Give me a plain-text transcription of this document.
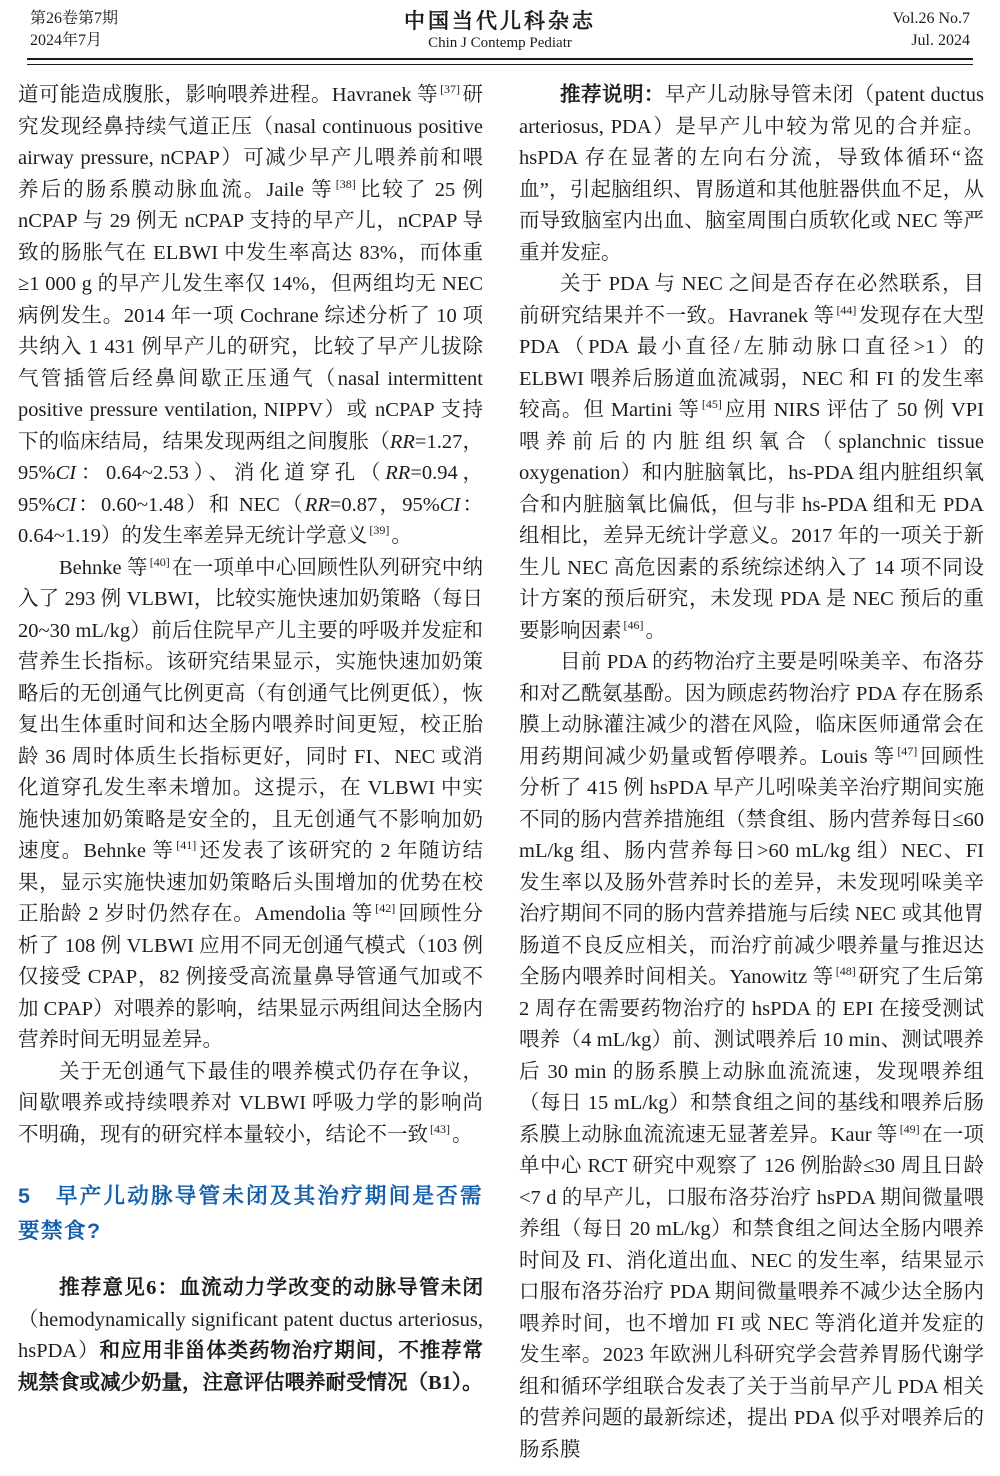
第26卷第7期
2024年7月
中国当代儿科杂志
Chin J Contemp Pediatr
Vol.26 No.7
Jul. 2024

道可能造成腹胀，影响喂养进程。Havranek 等 [37]研究发现经鼻持续气道正压（nasal continuous positive airway pressure, nCPAP）可减少早产儿喂养前和喂养后的肠系膜动脉血流。Jaile 等 [38]比较了 25 例 nCPAP 与 29 例无 nCPAP 支持的早产儿，nCPAP 导致的肠胀气在 ELBWI 中发生率高达 83%，而体重≥1 000 g 的早产儿发生率仅 14%，但两组均无 NEC 病例发生。2014 年一项 Cochrane 综述分析了 10 项共纳入 1 431 例早产儿的研究，比较了早产儿拔除气管插管后经鼻间歇正压通气（nasal intermittent positive pressure ventilation, NIPPV）或 nCPAP 支持下的临床结局，结果发现两组之间腹胀（RR=1.27，95%CI：0.64~2.53）、消化道穿孔（RR=0.94，95%CI：0.60~1.48）和 NEC（RR=0.87，95%CI：0.64~1.19）的发生率差异无统计学意义 [39]。

Behnke 等 [40]在一项单中心回顾性队列研究中纳入了 293 例 VLBWI，比较实施快速加奶策略（每日 20~30 mL/kg）前后住院早产儿主要的呼吸并发症和营养生长指标。该研究结果显示，实施快速加奶策略后的无创通气比例更高（有创通气比例更低），恢复出生体重时间和达全肠内喂养时间更短，校正胎龄 36 周时体质生长指标更好，同时 FI、NEC 或消化道穿孔发生率未增加。这提示，在 VLBWI 中实施快速加奶策略是安全的，且无创通气不影响加奶速度。Behnke 等 [41]还发表了该研究的 2 年随访结果，显示实施快速加奶策略后头围增加的优势在校正胎龄 2 岁时仍然存在。Amendolia 等 [42]回顾性分析了 108 例 VLBWI 应用不同无创通气模式（103 例仅接受 CPAP，82 例接受高流量鼻导管通气加或不加 CPAP）对喂养的影响，结果显示两组间达全肠内营养时间无明显差异。

关于无创通气下最佳的喂养模式仍存在争议，间歇喂养或持续喂养对 VLBWI 呼吸力学的影响尚不明确，现有的研究样本量较小，结论不一致 [43]。

5　早产儿动脉导管未闭及其治疗期间是否需要禁食?

推荐意见6：血流动力学改变的动脉导管未闭（hemodynamically significant patent ductus arteriosus, hsPDA）和应用非甾体类药物治疗期间，不推荐常规禁食或减少奶量，注意评估喂养耐受情况（B1）。

推荐说明：早产儿动脉导管未闭（patent ductus arteriosus, PDA）是早产儿中较为常见的合并症。hsPDA 存在显著的左向右分流，导致体循环“盗血”，引起脑组织、胃肠道和其他脏器供血不足，从而导致脑室内出血、脑室周围白质软化或 NEC 等严重并发症。

关于 PDA 与 NEC 之间是否存在必然联系，目前研究结果并不一致。Havranek 等 [44]发现存在大型 PDA（PDA 最小直径/左肺动脉口直径>1）的 ELBWI 喂养后肠道血流减弱，NEC 和 FI 的发生率较高。但 Martini 等 [45]应用 NIRS 评估了 50 例 VPI 喂养前后的内脏组织氧合（splanchnic tissue oxygenation）和内脏脑氧比，hs-PDA 组内脏组织氧合和内脏脑氧比偏低，但与非 hs-PDA 组和无 PDA 组相比，差异无统计学意义。2017 年的一项关于新生儿 NEC 高危因素的系统综述纳入了 14 项不同设计方案的预后研究，未发现 PDA 是 NEC 预后的重要影响因素 [46]。

目前 PDA 的药物治疗主要是吲哚美辛、布洛芬和对乙酰氨基酚。因为顾虑药物治疗 PDA 存在肠系膜上动脉灌注减少的潜在风险，临床医师通常会在用药期间减少奶量或暂停喂养。Louis 等 [47]回顾性分析了 415 例 hsPDA 早产儿吲哚美辛治疗期间实施不同的肠内营养措施组（禁食组、肠内营养每日≤60 mL/kg 组、肠内营养每日>60 mL/kg 组）NEC、FI 发生率以及肠外营养时长的差异，未发现吲哚美辛治疗期间不同的肠内营养措施与后续 NEC 或其他胃肠道不良反应相关，而治疗前减少喂养量与推迟达全肠内喂养时间相关。Yanowitz 等 [48]研究了生后第 2 周存在需要药物治疗的 hsPDA 的 EPI 在接受测试喂养（4 mL/kg）前、测试喂养后 10 min、测试喂养后 30 min 的肠系膜上动脉血流流速，发现喂养组（每日 15 mL/kg）和禁食组之间的基线和喂养后肠系膜上动脉血流流速无显著差异。Kaur 等 [49]在一项单中心 RCT 研究中观察了 126 例胎龄≤30 周且日龄<7 d 的早产儿，口服布洛芬治疗 hsPDA 期间微量喂养组（每日 20 mL/kg）和禁食组之间达全肠内喂养时间及 FI、消化道出血、NEC 的发生率，结果显示口服布洛芬治疗 PDA 期间微量喂养不减少达全肠内喂养时间，也不增加 FI 或 NEC 等消化道并发症的发生率。2023 年欧洲儿科研究学会营养胃肠代谢学组和循环学组联合发表了关于当前早产儿 PDA 相关的营养问题的最新综述，提出 PDA 似乎对喂养后的肠系膜
